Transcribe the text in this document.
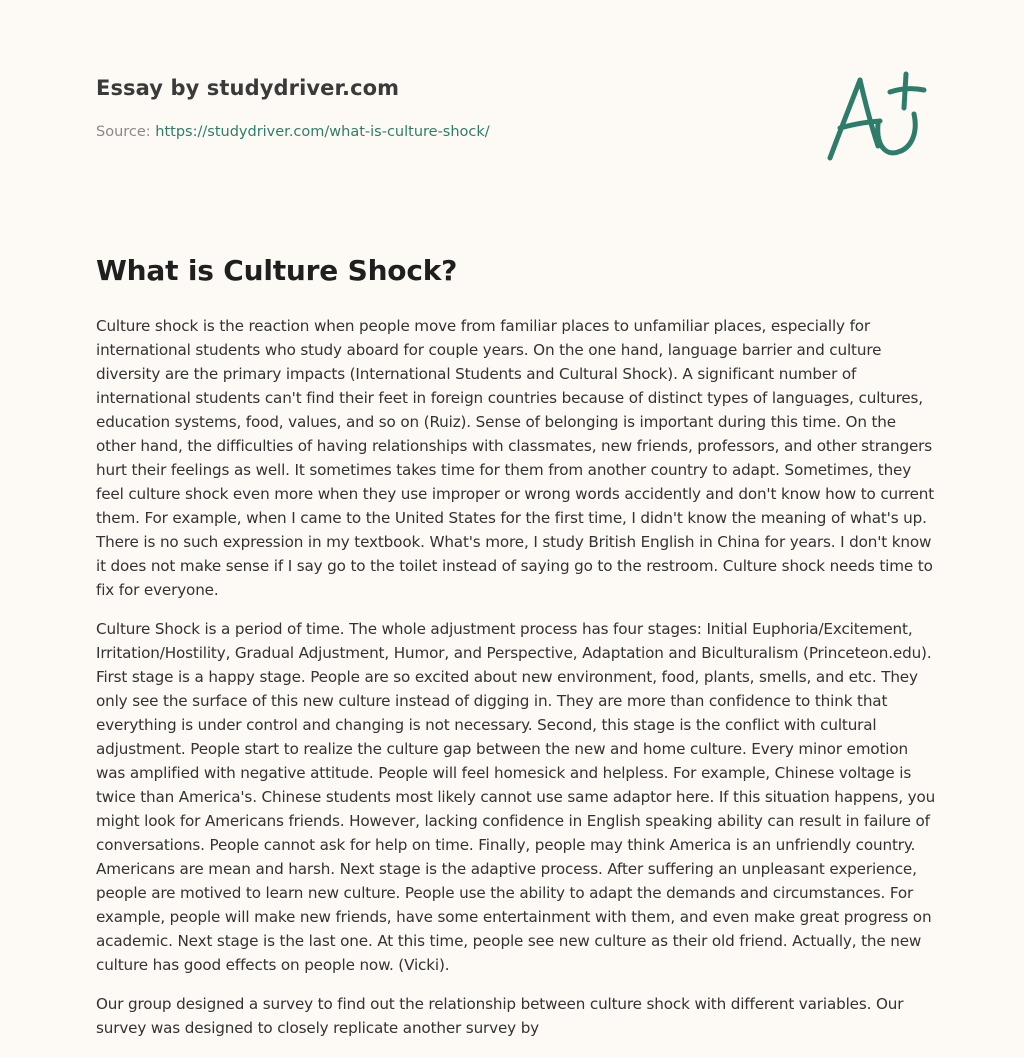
Essay by studydriver.com

Source: https://studydriver.com/what-is-culture-shock/

What is Culture Shock?

Culture shock is the reaction when people move from familiar places to unfamiliar places, especially for international students who study aboard for couple years. On the one hand, language barrier and culture diversity are the primary impacts (International Students and Cultural Shock). A significant number of international students can't find their feet in foreign countries because of distinct types of languages, cultures, education systems, food, values, and so on (Ruiz). Sense of belonging is important during this time. On the other hand, the difficulties of having relationships with classmates, new friends, professors, and other strangers hurt their feelings as well. It sometimes takes time for them from another country to adapt. Sometimes, they feel culture shock even more when they use improper or wrong words accidently and don't know how to current them. For example, when I came to the United States for the first time, I didn't know the meaning of what's up. There is no such expression in my textbook. What's more, I study British English in China for years. I don't know it does not make sense if I say go to the toilet instead of saying go to the restroom. Culture shock needs time to fix for everyone.

Culture Shock is a period of time. The whole adjustment process has four stages: Initial Euphoria/Excitement, Irritation/Hostility, Gradual Adjustment, Humor, and Perspective, Adaptation and Biculturalism (Princeteon.edu). First stage is a happy stage. People are so excited about new environment, food, plants, smells, and etc. They only see the surface of this new culture instead of digging in. They are more than confidence to think that everything is under control and changing is not necessary. Second, this stage is the conflict with cultural adjustment. People start to realize the culture gap between the new and home culture. Every minor emotion was amplified with negative attitude. People will feel homesick and helpless. For example, Chinese voltage is twice than America's. Chinese students most likely cannot use same adaptor here. If this situation happens, you might look for Americans friends. However, lacking confidence in English speaking ability can result in failure of conversations. People cannot ask for help on time. Finally, people may think America is an unfriendly country. Americans are mean and harsh. Next stage is the adaptive process. After suffering an unpleasant experience, people are motived to learn new culture. People use the ability to adapt the demands and circumstances. For example, people will make new friends, have some entertainment with them, and even make great progress on academic. Next stage is the last one. At this time, people see new culture as their old friend. Actually, the new culture has good effects on people now. (Vicki).

Our group designed a survey to find out the relationship between culture shock with different variables. Our survey was designed to closely replicate another survey by
